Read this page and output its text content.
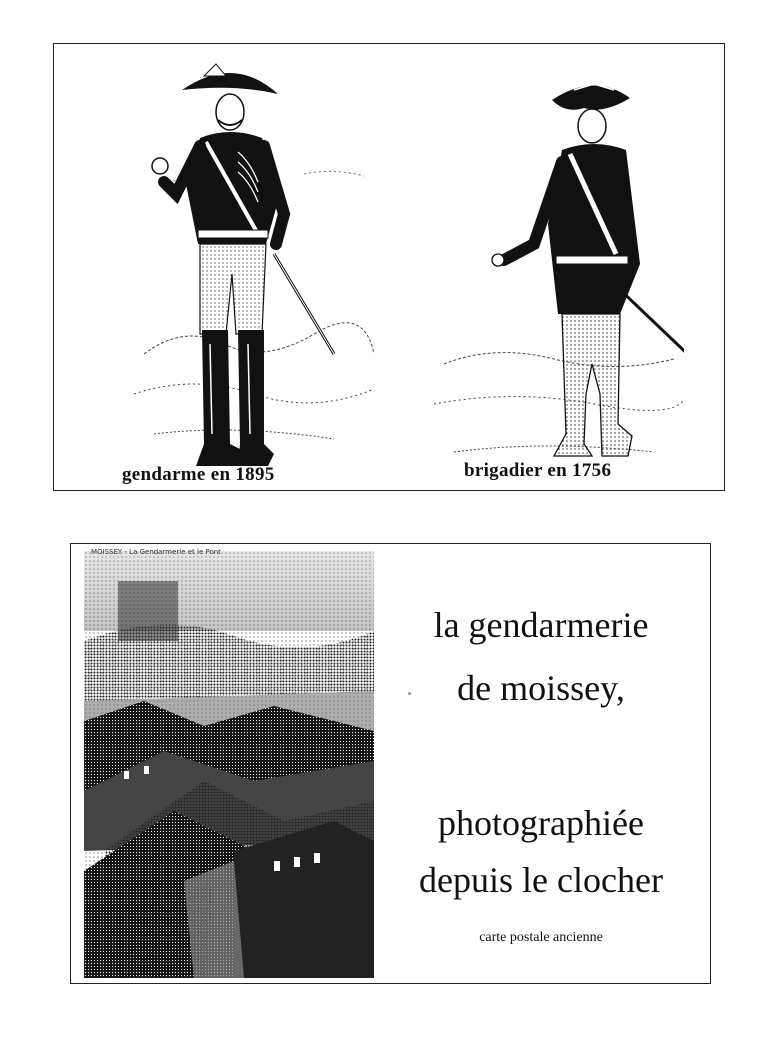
gendarme en 1895	brigadier en 1756
MOISSEY - La Gendarmerie et le Pont
la gendarmerie
de moissey,
photographiée
depuis le clocher
carte postale ancienne
